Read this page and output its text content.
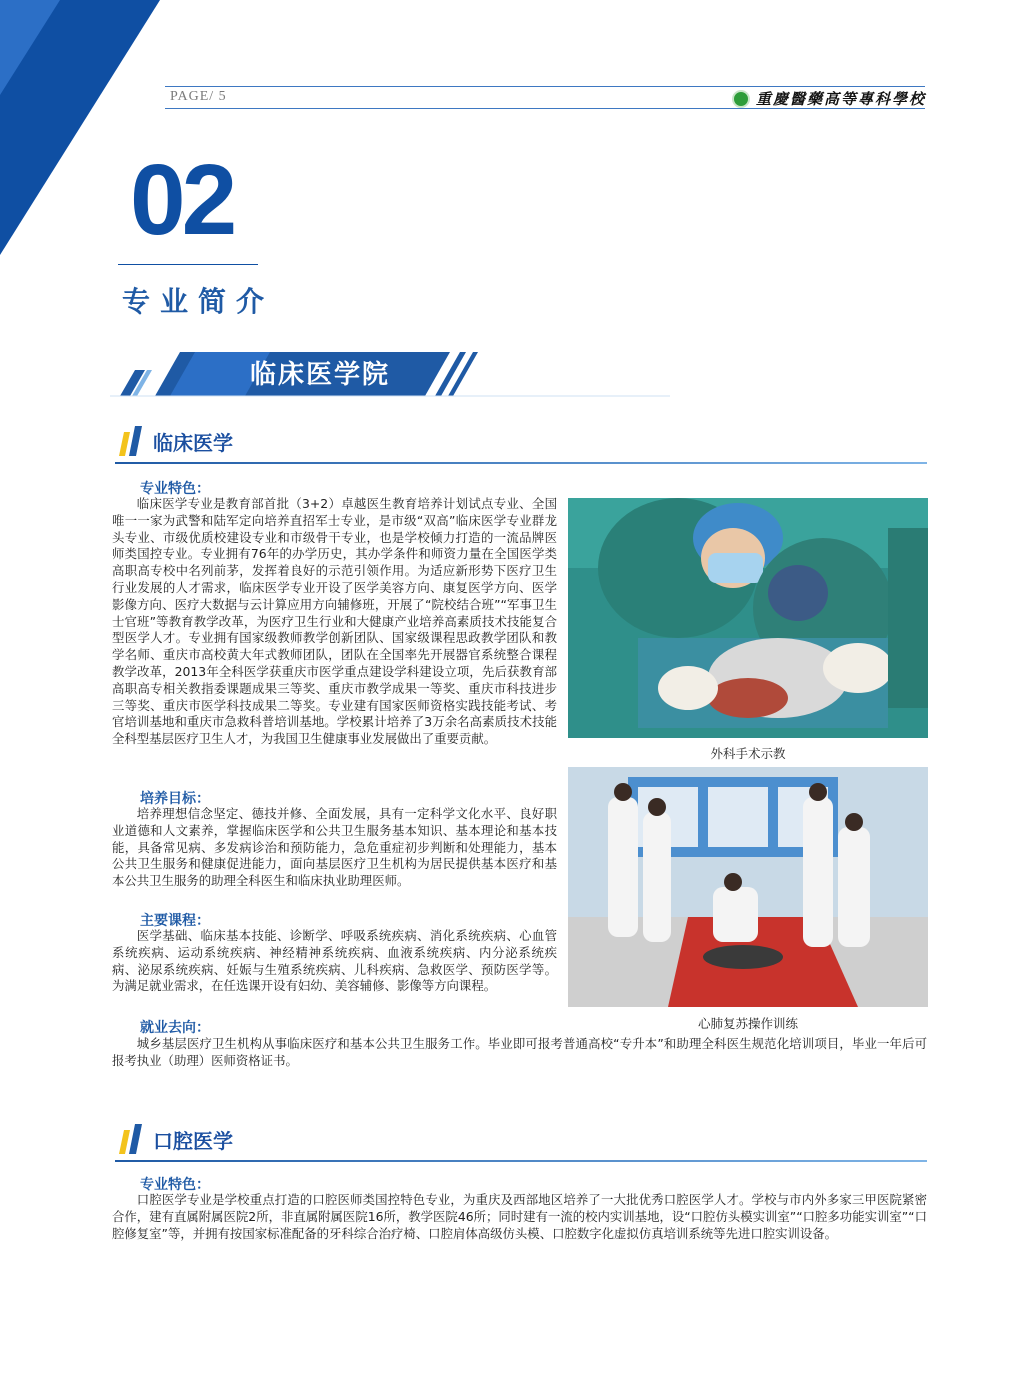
PAGE/ 5	重慶醫藥高等專科學校
02
专业简介
临床医学院
临床医学
专业特色：
临床医学专业是教育部首批（3+2）卓越医生教育培养计划试点专业、全国唯一一家为武警和陆军定向培养直招军士专业，是市级“双高”临床医学专业群龙头专业、市级优质校建设专业和市级骨干专业，也是学校倾力打造的一流品牌医师类国控专业。专业拥有76年的办学历史，其办学条件和师资力量在全国医学类高职高专校中名列前茅，发挥着良好的示范引领作用。为适应新形势下医疗卫生行业发展的人才需求，临床医学专业开设了医学美容方向、康复医学方向、医学影像方向、医疗大数据与云计算应用方向辅修班，开展了“院校结合班”“军事卫生士官班”等教育教学改革，为医疗卫生行业和大健康产业培养高素质技术技能复合型医学人才。专业拥有国家级教师教学创新团队、国家级课程思政教学团队和教学名师、重庆市高校黄大年式教师团队，团队在全国率先开展器官系统整合课程教学改革，2013年全科医学获重庆市医学重点建设学科建设立项，先后获教育部高职高专相关教指委课题成果三等奖、重庆市教学成果一等奖、重庆市科技进步三等奖、重庆市医学科技成果二等奖。专业建有国家医师资格实践技能考试、考官培训基地和重庆市急救科普培训基地。学校累计培养了3万余名高素质技术技能全科型基层医疗卫生人才，为我国卫生健康事业发展做出了重要贡献。
培养目标：
培养理想信念坚定、德技并修、全面发展，具有一定科学文化水平、良好职业道德和人文素养，掌握临床医学和公共卫生服务基本知识、基本理论和基本技能，具备常见病、多发病诊治和预防能力，急危重症初步判断和处理能力，基本公共卫生服务和健康促进能力，面向基层医疗卫生机构为居民提供基本医疗和基本公共卫生服务的助理全科医生和临床执业助理医师。
主要课程：
医学基础、临床基本技能、诊断学、呼吸系统疾病、消化系统疾病、心血管系统疾病、运动系统疾病、神经精神系统疾病、血液系统疾病、内分泌系统疾病、泌尿系统疾病、妊娠与生殖系统疾病、儿科疾病、急救医学、预防医学等。为满足就业需求，在任选课开设有妇幼、美容辅修、影像等方向课程。
就业去向：
城乡基层医疗卫生机构从事临床医疗和基本公共卫生服务工作。毕业即可报考普通高校“专升本”和助理全科医生规范化培训项目，毕业一年后可报考执业（助理）医师资格证书。
外科手术示教
心肺复苏操作训练
口腔医学
专业特色：
口腔医学专业是学校重点打造的口腔医师类国控特色专业，为重庆及西部地区培养了一大批优秀口腔医学人才。学校与市内外多家三甲医院紧密合作，建有直属附属医院2所，非直属附属医院16所，教学医院46所；同时建有一流的校内实训基地，设“口腔仿头模实训室”“口腔多功能实训室”“口腔修复室”等，并拥有按国家标准配备的牙科综合治疗椅、口腔肩体高级仿头模、口腔数字化虚拟仿真培训系统等先进口腔实训设备。
